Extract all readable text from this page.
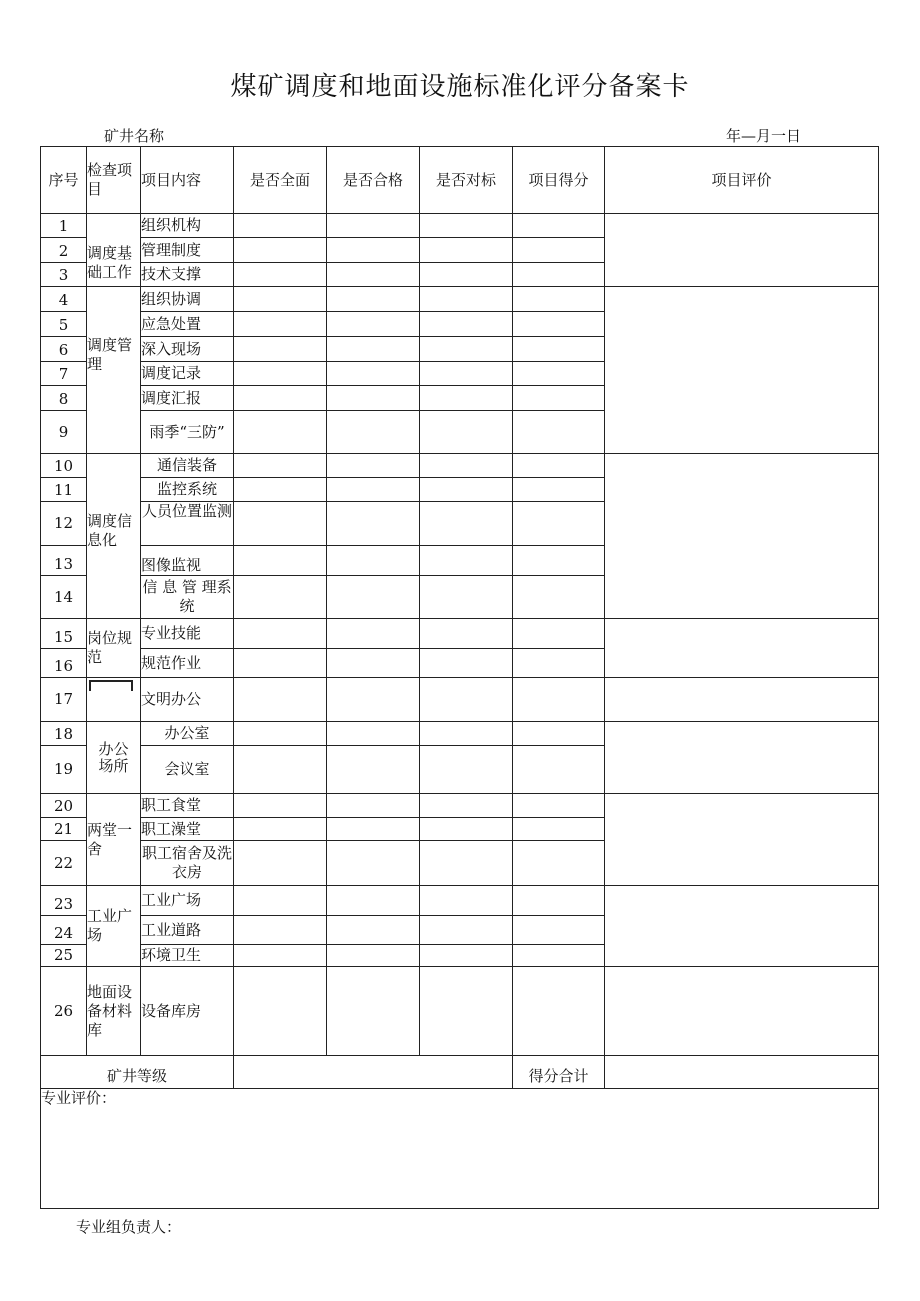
煤矿调度和地面设施标准化评分备案卡
矿井名称	年—月一日
序号	检查项目	项目内容	是否全面	是否合格	是否对标	项目得分	项目评价
1	调度基础工作	组织机构					
2		管理制度					
3		技术支撑					
4	调度管理	组织协调					
5		应急处置					
6		深入现场					
7		调度记录					
8		调度汇报					
9		雨季“三防”					
10	调度信息化	通信装备					
11		监控系统					
12		人员位置监测					
13		图像监视					
14		信 息 管 理系统					
15	岗位规范	专业技能					
16		规范作业					
17		文明办公					
18	办公场所	办公室					
19		会议室					
20	两堂一舍	职工食堂					
21		职工澡堂					
22		职工宿舍及洗衣房					
23	工业广场	工业广场					
24		工业道路					
25		环境卫生					
26	地面设备材料库	设备库房					
矿井等级						得分合计	
专业评价：							
专业组负责人：
